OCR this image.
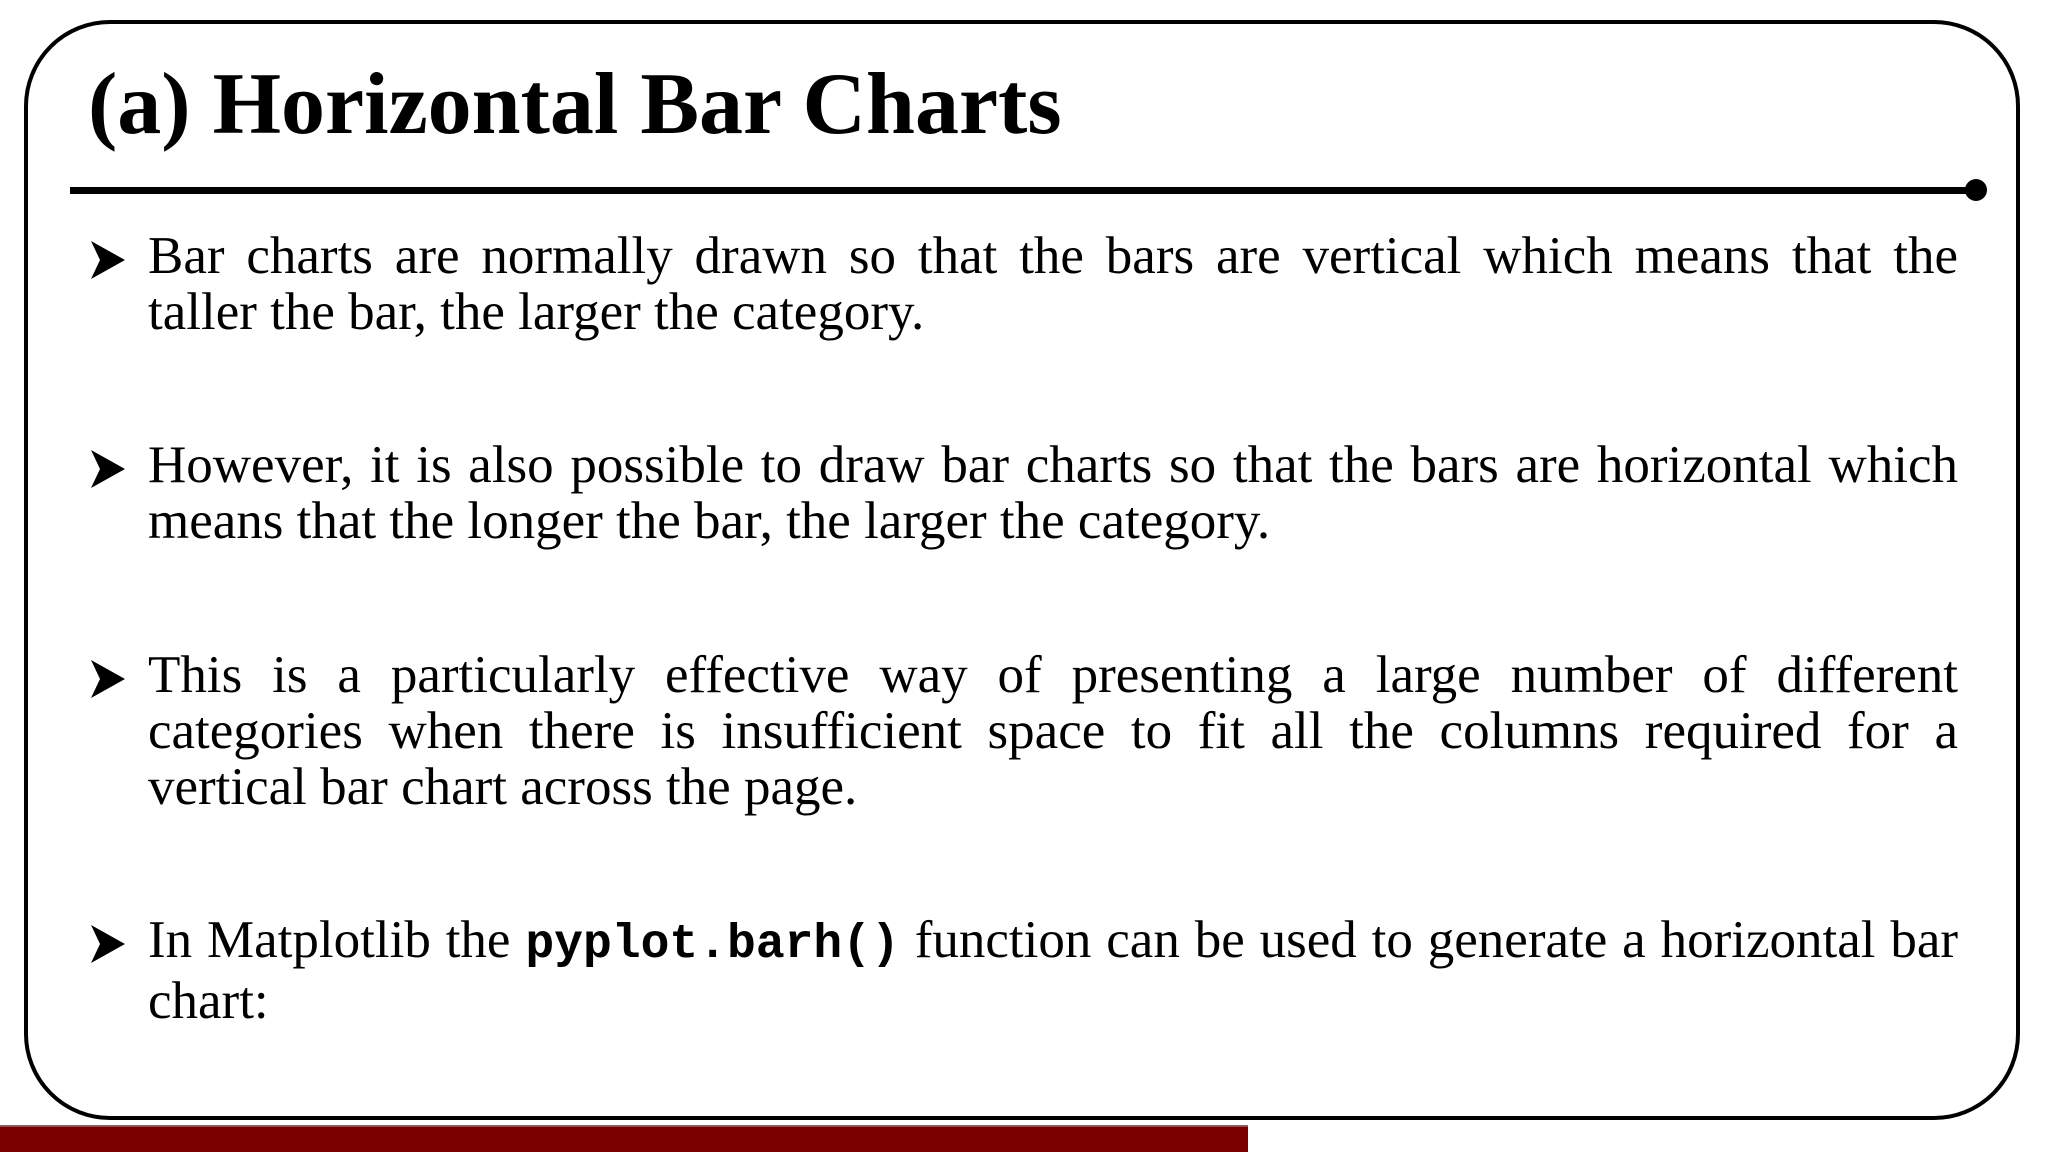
(a) Horizontal Bar Charts

Bar charts are normally drawn so that the bars are vertical which means that the taller the bar, the larger the category.

However, it is also possible to draw bar charts so that the bars are horizontal which means that the longer the bar, the larger the category.

This is a particularly effective way of presenting a large number of different categories when there is insufficient space to fit all the columns required for a vertical bar chart across the page.

In Matplotlib the pyplot.barh() function can be used to generate a horizontal bar chart:
